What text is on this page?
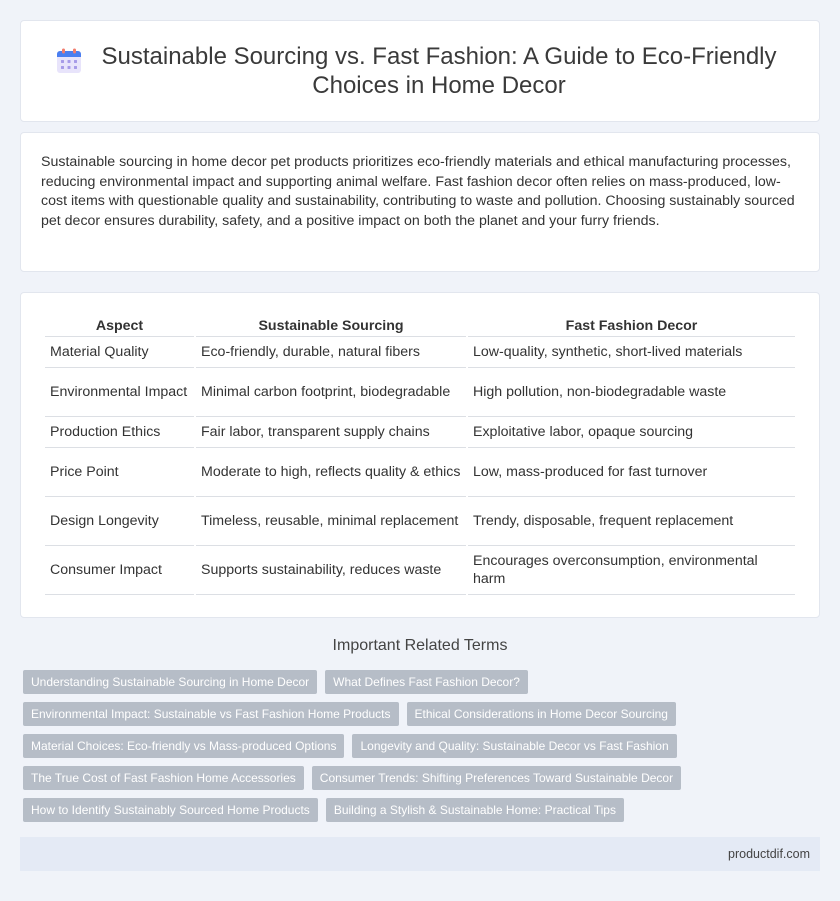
Sustainable Sourcing vs. Fast Fashion: A Guide to Eco-Friendly Choices in Home Decor

Sustainable sourcing in home decor pet products prioritizes eco-friendly materials and ethical manufacturing processes, reducing environmental impact and supporting animal welfare. Fast fashion decor often relies on mass-produced, low-cost items with questionable quality and sustainability, contributing to waste and pollution. Choosing sustainably sourced pet decor ensures durability, safety, and a positive impact on both the planet and your furry friends.

Aspect	Sustainable Sourcing	Fast Fashion Decor
Material Quality	Eco-friendly, durable, natural fibers	Low-quality, synthetic, short-lived materials
Environmental Impact	Minimal carbon footprint, biodegradable	High pollution, non-biodegradable waste
Production Ethics	Fair labor, transparent supply chains	Exploitative labor, opaque sourcing
Price Point	Moderate to high, reflects quality & ethics	Low, mass-produced for fast turnover
Design Longevity	Timeless, reusable, minimal replacement	Trendy, disposable, frequent replacement
Consumer Impact	Supports sustainability, reduces waste	Encourages overconsumption, environmental harm
Important Related Terms
Understanding Sustainable Sourcing in Home Decor	What Defines Fast Fashion Decor?
Environmental Impact: Sustainable vs Fast Fashion Home Products	Ethical Considerations in Home Decor Sourcing
Material Choices: Eco-friendly vs Mass-produced Options	Longevity and Quality: Sustainable Decor vs Fast Fashion
The True Cost of Fast Fashion Home Accessories	Consumer Trends: Shifting Preferences Toward Sustainable Decor
How to Identify Sustainably Sourced Home Products	Building a Stylish & Sustainable Home: Practical Tips
productdif.com
